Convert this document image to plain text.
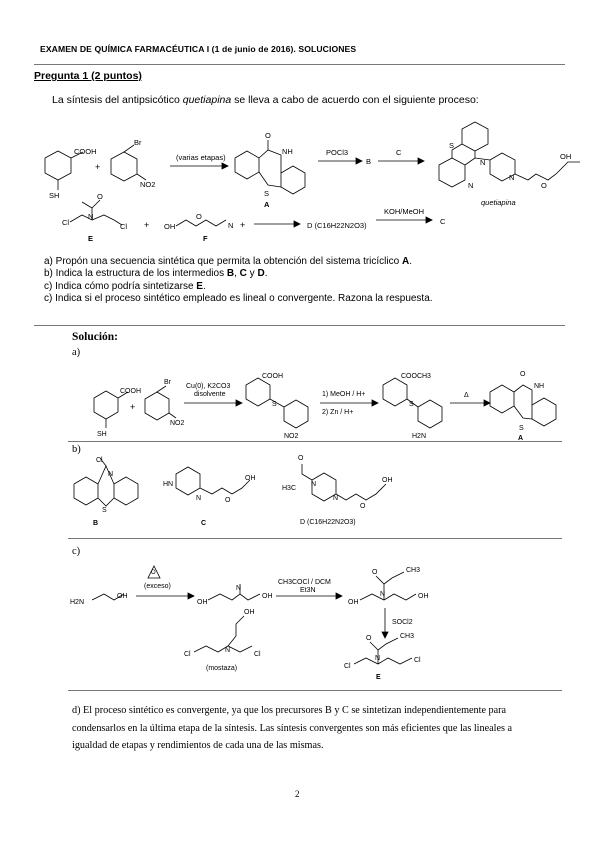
EXAMEN DE QUÍMICA FARMACÉUTICA I (1 de junio de 2016). SOLUCIONES
Pregunta 1 (2 puntos)
La síntesis del antipsicótico quetiapina se lleva a cabo de acuerdo con el siguiente proceso:
COOH
SH
+
Br
NO2
(varias etapas)
O
NH
S
A
POCl3
B
C
S
N
N
N	O
OH
quetiapina
Cl
N
O
Cl
E
+ OH
O
N
F
+	D (C16H22N2O3)
KOH/MeOH
C
COOH
SH
+
Br
NO2
Cu(0), K2CO3
disolvente
COOH
S
NO2
1) MeOH / H+
2) Zn / H+
COOCH3
S
H2N
Δ
O
NH
S
A
Cl
N
S
B
HN
N	O
OH
C
O
H3C
N
N
O
OH
D (C16H22N2O3)
H2N
OH
O
(exceso)
OH
N
OH
CH3COCl / DCM
Et3N
OH
N
O	CH3
OH
SOCl2
Cl
N
OH
Cl
(mostaza)	Cl
N
O	CH3
Cl
E
a) Propón una secuencia sintética que permita la obtención del sistema tricíclico A.
b) Indica la estructura de los intermedios B, C y D.
c) Indica cómo podría sintetizarse E.
c) Indica si el proceso sintético empleado es lineal o convergente. Razona la respuesta.
Solución:
a)
b)
c)
d) El proceso sintético es convergente, ya que los precursores B y C se sintetizan independientemente para condensarlos en la última etapa de la síntesis. Las síntesis convergentes son más eficientes que las lineales a igualdad de etapas y rendimientos de cada una de las mismas.
2
